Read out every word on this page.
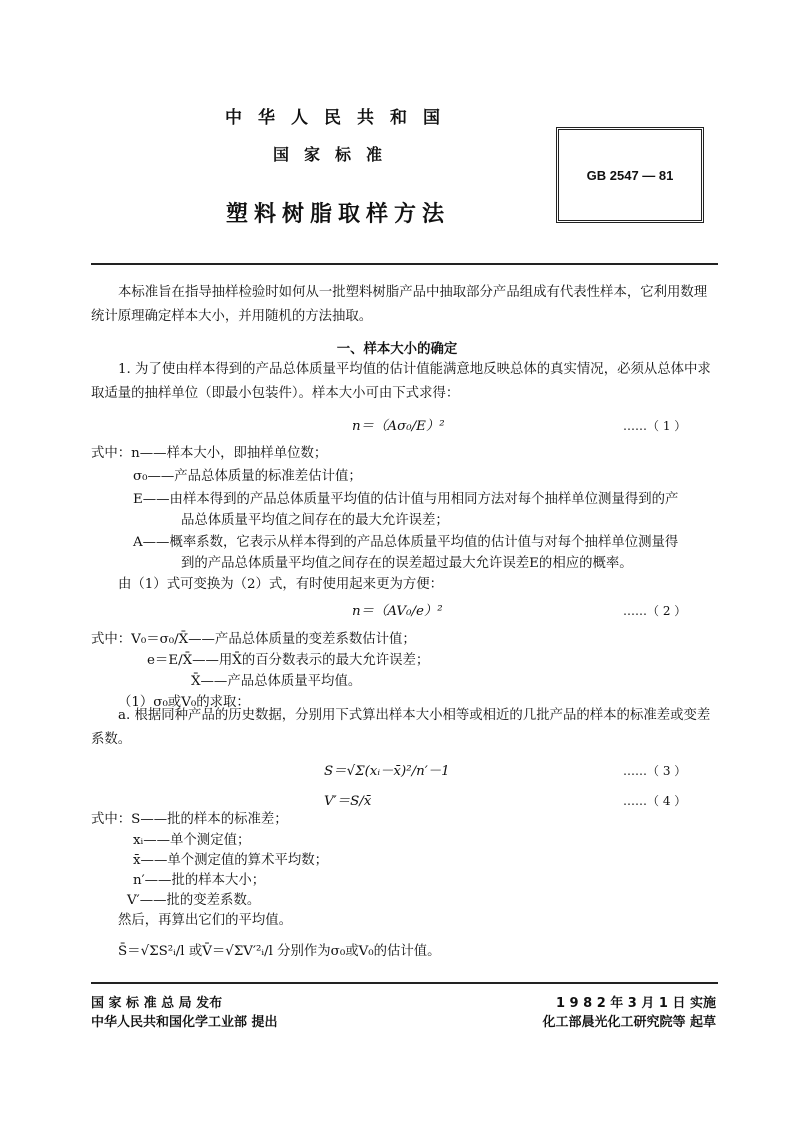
中华人民共和国
国家标准
塑料树脂取样方法
GB 2547 — 81
本标准旨在指导抽样检验时如何从一批塑料树脂产品中抽取部分产品组成有代表性样本，它利用数理统计原理确定样本大小，并用随机的方法抽取。
一、样本大小的确定
1. 为了使由样本得到的产品总体质量平均值的估计值能满意地反映总体的真实情况，必须从总体中求取适量的抽样单位（即最小包装件）。样本大小可由下式求得：
n＝（Aσ₀/E）²	……（ 1 ）
式中：n——样本大小，即抽样单位数；
σ₀——产品总体质量的标准差估计值；
E——由样本得到的产品总体质量平均值的估计值与用相同方法对每个抽样单位测量得到的产
品总体质量平均值之间存在的最大允许误差；
A——概率系数，它表示从样本得到的产品总体质量平均值的估计值与对每个抽样单位测量得
到的产品总体质量平均值之间存在的误差超过最大允许误差E的相应的概率。
由（1）式可变换为（2）式，有时使用起来更为方便：
n＝（AV₀/e）²	……（ 2 ）
式中：V₀＝σ₀/X̄——产品总体质量的变差系数估计值；
e＝E/X̄——用X̄的百分数表示的最大允许误差；
X̄——产品总体质量平均值。
（1）σ₀或V₀的求取：
a. 根据同种产品的历史数据，分别用下式算出样本大小相等或相近的几批产品的样本的标准差或变差系数。
S＝√Σ(xᵢ－x̄)²/n′－1	……（ 3 ）
V′＝S/x̄	……（ 4 ）
式中：S——批的样本的标准差；
xᵢ——单个测定值；
x̄——单个测定值的算术平均数；
n′——批的样本大小；
V′——批的变差系数。
然后，再算出它们的平均值。
S̄＝√ΣS²ᵢ/l 或V̄＝√ΣV′²ᵢ/l 分别作为σ₀或V₀的估计值。
国 家 标 准 总 局 发布
中华人民共和国化学工业部 提出
1 9 8 2 年 3 月 1 日 实施
化工部晨光化工研究院等 起草
